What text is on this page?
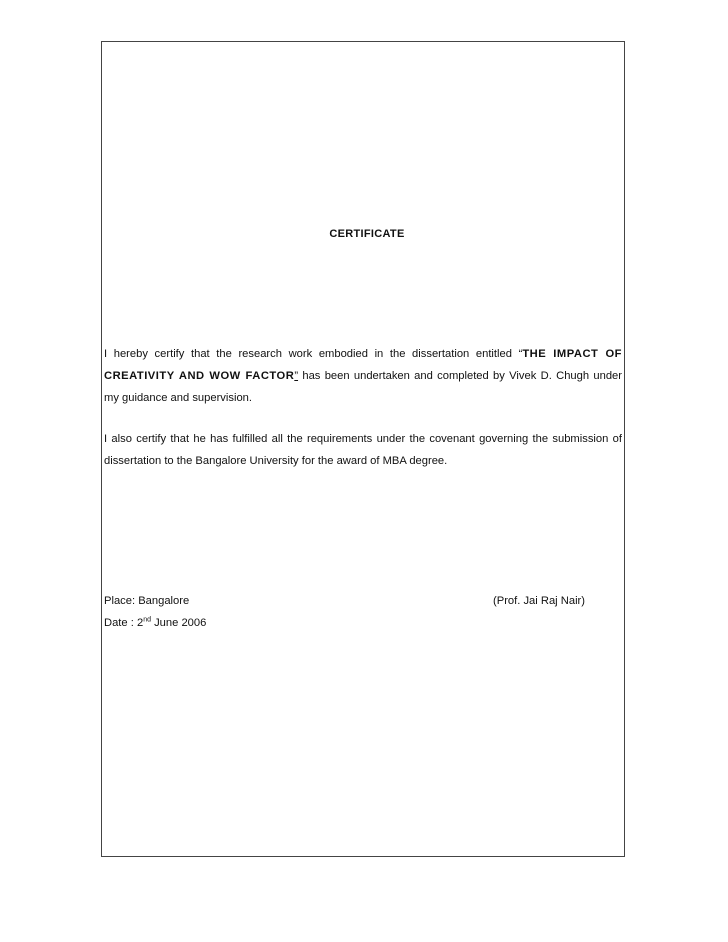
CERTIFICATE
I hereby certify that the research work embodied in the dissertation entitled “THE IMPACT OF CREATIVITY AND WOW FACTOR” has been undertaken and completed by Vivek D. Chugh under my guidance and supervision.
I also certify that he has fulfilled all the requirements under the covenant governing the submission of dissertation to the Bangalore University for the award of MBA degree.
Place: Bangalore	(Prof. Jai Raj Nair)
Date : 2nd June 2006
